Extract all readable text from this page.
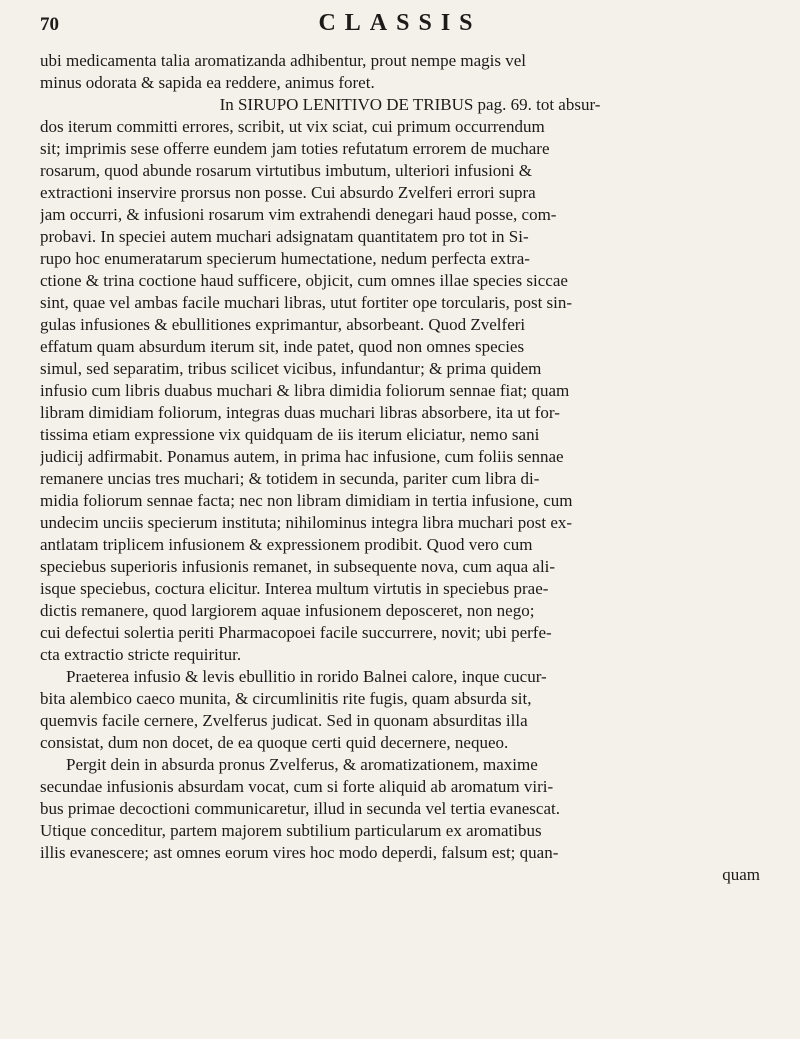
70	CLASSIS
ubi medicamenta talia aromatizanda adhibentur, prout nempe magis vel
minus odorata & sapida ea reddere, animus foret.
In SIRUPO LENITIVO DE TRIBUS pag. 69. tot absur-
dos iterum committi errores, scribit, ut vix sciat, cui primum occurrendum
sit; imprimis sese offerre eundem jam toties refutatum errorem de muchare
rosarum, quod abunde rosarum virtutibus imbutum, ulteriori infusioni &
extractioni inservire prorsus non posse. Cui absurdo Zvelferi errori supra
jam occurri, & infusioni rosarum vim extrahendi denegari haud posse, com-
probavi. In speciei autem muchari adsignatam quantitatem pro tot in Si-
rupo hoc enumeratarum specierum humectatione, nedum perfecta extra-
ctione & trina coctione haud sufficere, objicit, cum omnes illae species siccae
sint, quae vel ambas facile muchari libras, utut fortiter ope torcularis, post sin-
gulas infusiones & ebullitiones exprimantur, absorbeant. Quod Zvelferi
effatum quam absurdum iterum sit, inde patet, quod non omnes species
simul, sed separatim, tribus scilicet vicibus, infundantur; & prima quidem
infusio cum libris duabus muchari & libra dimidia foliorum sennae fiat; quam
libram dimidiam foliorum, integras duas muchari libras absorbere, ita ut for-
tissima etiam expressione vix quidquam de iis iterum eliciatur, nemo sani
judicij adfirmabit. Ponamus autem, in prima hac infusione, cum foliis sennae
remanere uncias tres muchari; & totidem in secunda, pariter cum libra di-
midia foliorum sennae facta; nec non libram dimidiam in tertia infusione, cum
undecim unciis specierum instituta; nihilominus integra libra muchari post ex-
antlatam triplicem infusionem & expressionem prodibit. Quod vero cum
speciebus superioris infusionis remanet, in subsequente nova, cum aqua ali-
isque speciebus, coctura elicitur. Interea multum virtutis in speciebus prae-
dictis remanere, quod largiorem aquae infusionem deposceret, non nego;
cui defectui solertia periti Pharmacopoei facile succurrere, novit; ubi perfe-
cta extractio stricte requiritur.
Praeterea infusio & levis ebullitio in rorido Balnei calore, inque cucur-
bita alembico caeco munita, & circumlinitis rite fugis, quam absurda sit,
quemvis facile cernere, Zvelferus judicat. Sed in quonam absurditas illa
consistat, dum non docet, de ea quoque certi quid decernere, nequeo.
Pergit dein in absurda pronus Zvelferus, & aromatizationem, maxime
secundae infusionis absurdam vocat, cum si forte aliquid ab aromatum viri-
bus primae decoctioni communicaretur, illud in secunda vel tertia evanescat.
Utique conceditur, partem majorem subtilium particularum ex aromatibus
illis evanescere; ast omnes eorum vires hoc modo deperdi, falsum est; quan-
quam
